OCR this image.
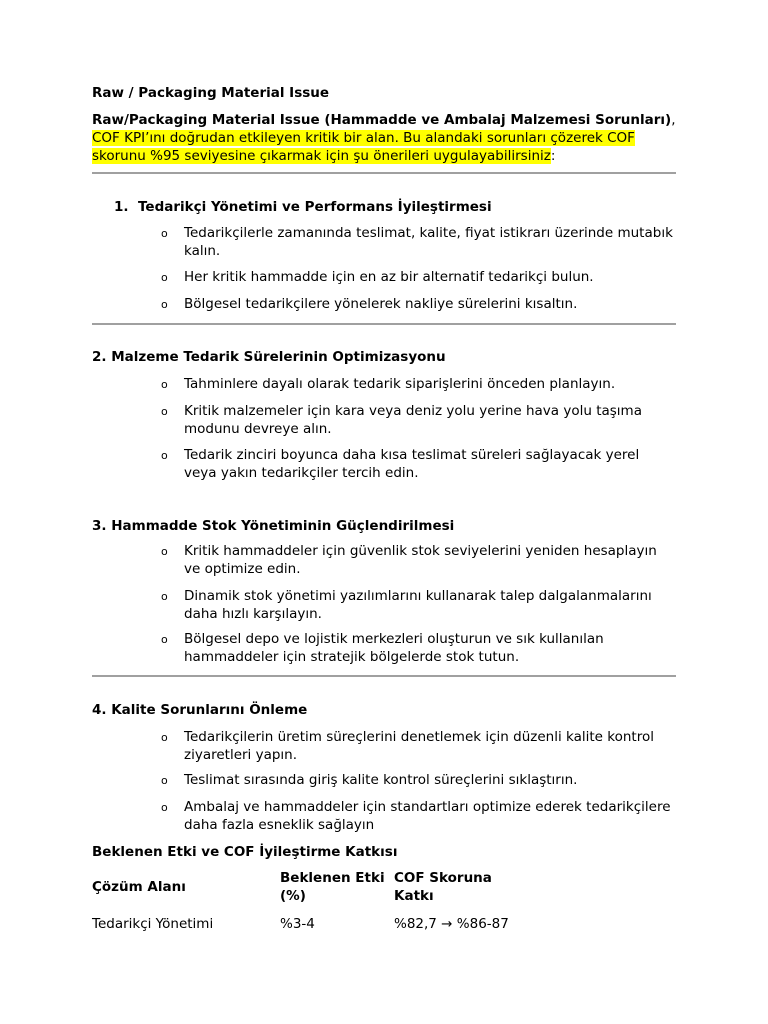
Raw / Packaging Material Issue
Raw/Packaging Material Issue (Hammadde ve Ambalaj Malzemesi Sorunları), COF KPI’ını doğrudan etkileyen kritik bir alan. Bu alandaki sorunları çözerek COF skorunu %95 seviyesine çıkarmak için şu önerileri uygulayabilirsiniz:
1. Tedarikçi Yönetimi ve Performans İyileştirmesi
o Tedarikçilerle zamanında teslimat, kalite, fiyat istikrarı üzerinde mutabık kalın.
o Her kritik hammadde için en az bir alternatif tedarikçi bulun.
o Bölgesel tedarikçilere yönelerek nakliye sürelerini kısaltın.
2. Malzeme Tedarik Sürelerinin Optimizasyonu
o Tahminlere dayalı olarak tedarik siparişlerini önceden planlayın.
o Kritik malzemeler için kara veya deniz yolu yerine hava yolu taşıma modunu devreye alın.
o Tedarik zinciri boyunca daha kısa teslimat süreleri sağlayacak yerel veya yakın tedarikçiler tercih edin.
3. Hammadde Stok Yönetiminin Güçlendirilmesi
o Kritik hammaddeler için güvenlik stok seviyelerini yeniden hesaplayın ve optimize edin.
o Dinamik stok yönetimi yazılımlarını kullanarak talep dalgalanmalarını daha hızlı karşılayın.
o Bölgesel depo ve lojistik merkezleri oluşturun ve sık kullanılan hammaddeler için stratejik bölgelerde stok tutun.
4. Kalite Sorunlarını Önleme
o Tedarikçilerin üretim süreçlerini denetlemek için düzenli kalite kontrol ziyaretleri yapın.
o Teslimat sırasında giriş kalite kontrol süreçlerini sıklaştırın.
o Ambalaj ve hammaddeler için standartları optimize ederek tedarikçilere daha fazla esneklik sağlayın
Beklenen Etki ve COF İyileştirme Katkısı
Çözüm Alanı
Beklenen Etki (%)
COF Skoruna Katkı
Tedarikçi Yönetimi	%3-4	%82,7 → %86-87
